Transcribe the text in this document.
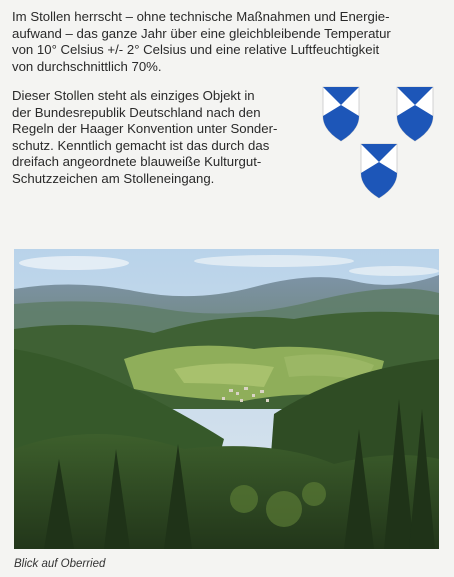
Im Stollen herrscht – ohne technische Maßnahmen und Energie-
aufwand – das ganze Jahr über eine gleichbleibende Temperatur
von 10° Celsius +/- 2° Celsius und eine relative Luftfeuchtigkeit
von durchschnittlich 70%.
Dieser Stollen steht als einziges Objekt in
der Bundesrepublik Deutschland nach den
Regeln der Haager Konvention unter Sonder-
schutz. Kenntlich gemacht ist das durch das
dreifach angeordnete blauweiße Kulturgut-
Schutzzeichen am Stolleneingang.
Blick auf Oberried
